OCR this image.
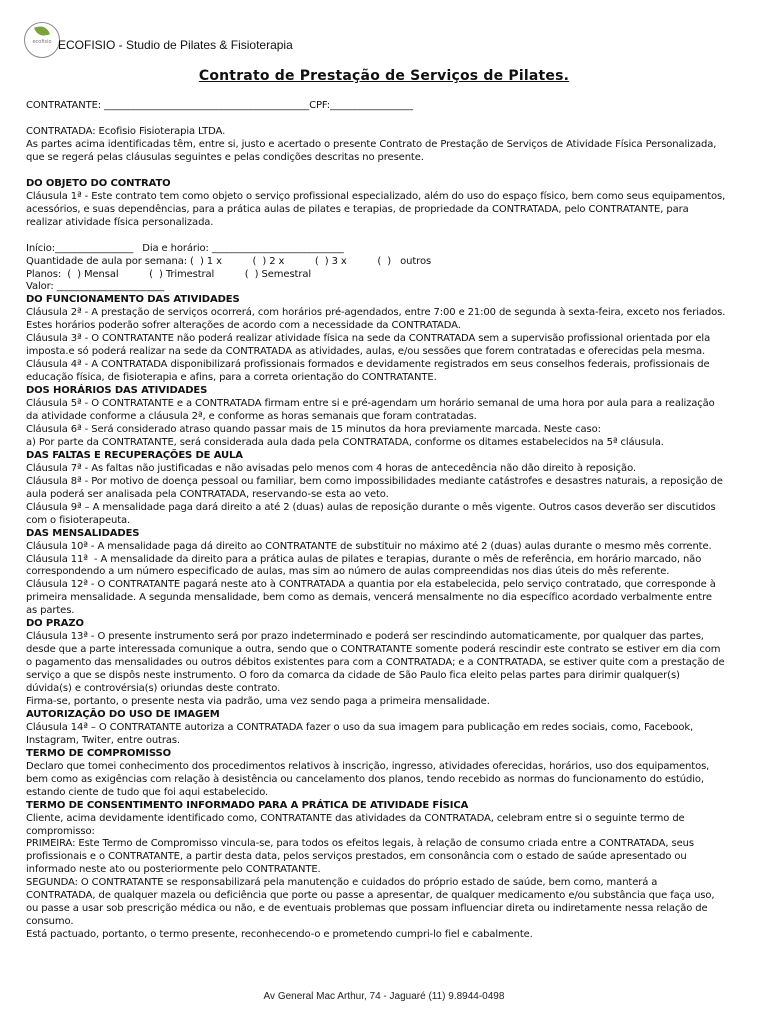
ecofisio ECOFISIO - Studio de Pilates & Fisioterapia
Contrato de Prestação de Serviços de Pilates.

CONTRATANTE: __________________________________________CPF:_________________

CONTRATADA: Ecofisio Fisioterapia LTDA.

As partes acima identificadas têm, entre si, justo e acertado o presente Contrato de Prestação de Serviços de Atividade Física Personalizada, que se regerá pelas cláusulas seguintes e pelas condições descritas no presente.

DO OBJETO DO CONTRATO

Cláusula 1ª - Este contrato tem como objeto o serviço profissional especializado, além do uso do espaço físico, bem como seus equipamentos, acessórios, e suas dependências, para a prática aulas de pilates e terapias, de propriedade da CONTRATADA, pelo CONTRATANTE, para realizar atividade física personalizada.

Início:________________   Dia e horário: ___________________________

Quantidade de aula por semana: (  ) 1 x          (  ) 2 x          (  ) 3 x          (  )   outros

Planos:  (  ) Mensal          (  ) Trimestral          (  ) Semestral

Valor: ______________________

DO FUNCIONAMENTO DAS ATIVIDADES

Cláusula 2ª - A prestação de serviços ocorrerá, com horários pré-agendados, entre 7:00 e 21:00 de segunda à sexta-feira, exceto nos feriados. Estes horários poderão sofrer alterações de acordo com a necessidade da CONTRATADA.

Cláusula 3ª - O CONTRATANTE não poderá realizar atividade física na sede da CONTRATADA sem a supervisão profissional orientada por ela imposta.e só poderá realizar na sede da CONTRATADA as atividades, aulas, e/ou sessões que forem contratadas e oferecidas pela mesma.

Cláusula 4ª - A CONTRATADA disponibilizará profissionais formados e devidamente registrados em seus conselhos federais, profissionais de educação física, de fisioterapia e afins, para a correta orientação do CONTRATANTE.

DOS HORÁRIOS DAS ATIVIDADES

Cláusula 5ª - O CONTRATANTE e a CONTRATADA firmam entre si e pré-agendam um horário semanal de uma hora por aula para a realização da atividade conforme a cláusula 2ª, e conforme as horas semanais que foram contratadas.

Cláusula 6ª - Será considerado atraso quando passar mais de 15 minutos da hora previamente marcada. Neste caso:

a) Por parte da CONTRATANTE, será considerada aula dada pela CONTRATADA, conforme os ditames estabelecidos na 5ª cláusula.

DAS FALTAS E RECUPERAÇÕES DE AULA

Cláusula 7ª - As faltas não justificadas e não avisadas pelo menos com 4 horas de antecedência não dão direito à reposição.

Cláusula 8ª - Por motivo de doença pessoal ou familiar, bem como impossibilidades mediante catástrofes e desastres naturais, a reposição de aula poderá ser analisada pela CONTRATADA, reservando-se esta ao veto.

Cláusula 9ª – A mensalidade paga dará direito a até 2 (duas) aulas de reposição durante o mês vigente. Outros casos deverão ser discutidos com o fisioterapeuta.

DAS MENSALIDADES

Cláusula 10ª - A mensalidade paga dá direito ao CONTRATANTE de substituir no máximo até 2 (duas) aulas durante o mesmo mês corrente.

Cláusula 11ª  - A mensalidade da direito para a prática aulas de pilates e terapias, durante o mês de referência, em horário marcado, não correspondendo a um número especificado de aulas, mas sim ao número de aulas compreendidas nos dias úteis do mês referente.

Cláusula 12ª - O CONTRATANTE pagará neste ato à CONTRATADA a quantia por ela estabelecida, pelo serviço contratado, que corresponde à primeira mensalidade. A segunda mensalidade, bem como as demais, vencerá mensalmente no dia específico acordado verbalmente entre as partes.

DO PRAZO

Cláusula 13ª - O presente instrumento será por prazo indeterminado e poderá ser rescindindo automaticamente, por qualquer das partes, desde que a parte interessada comunique a outra, sendo que o CONTRATANTE somente poderá rescindir este contrato se estiver em dia com o pagamento das mensalidades ou outros débitos existentes para com a CONTRATADA; e a CONTRATADA, se estiver quite com a prestação de serviço a que se dispôs neste instrumento. O foro da comarca da cidade de São Paulo fica eleito pelas partes para dirimir qualquer(s) dúvida(s) e controvérsia(s) oriundas deste contrato.

Firma-se, portanto, o presente nesta via padrão, uma vez sendo paga a primeira mensalidade.

AUTORIZAÇÃO DO USO DE IMAGEM

Cláusula 14ª – O CONTRATANTE autoriza a CONTRATADA fazer o uso da sua imagem para publicação em redes sociais, como, Facebook, Instagram, Twiter, entre outras.

TERMO DE COMPROMISSO

Declaro que tomei conhecimento dos procedimentos relativos à inscrição, ingresso, atividades oferecidas, horários, uso dos equipamentos, bem como as exigências com relação à desistência ou cancelamento dos planos, tendo recebido as normas do funcionamento do estúdio, estando ciente de tudo que foi aqui estabelecido.

TERMO DE CONSENTIMENTO INFORMADO PARA A PRÁTICA DE ATIVIDADE FÍSICA

Cliente, acima devidamente identificado como, CONTRATANTE das atividades da CONTRATADA, celebram entre si o seguinte termo de compromisso:

PRIMEIRA: Este Termo de Compromisso vincula-se, para todos os efeitos legais, à relação de consumo criada entre a CONTRATADA, seus profissionais e o CONTRATANTE, a partir desta data, pelos serviços prestados, em consonância com o estado de saúde apresentado ou informado neste ato ou posteriormente pelo CONTRATANTE.

SEGUNDA: O CONTRATANTE se responsabilizará pela manutenção e cuidados do próprio estado de saúde, bem como, manterá a CONTRATADA, de qualquer mazela ou deficiência que porte ou passe a apresentar, de qualquer medicamento e/ou substância que faça uso, ou passe a usar sob prescrição médica ou não, e de eventuais problemas que possam influenciar direta ou indiretamente nessa relação de consumo.

Está pactuado, portanto, o termo presente, reconhecendo-o e prometendo cumpri-lo fiel e cabalmente.

Av General Mac Arthur, 74 - Jaguaré (11) 9.8944-0498
